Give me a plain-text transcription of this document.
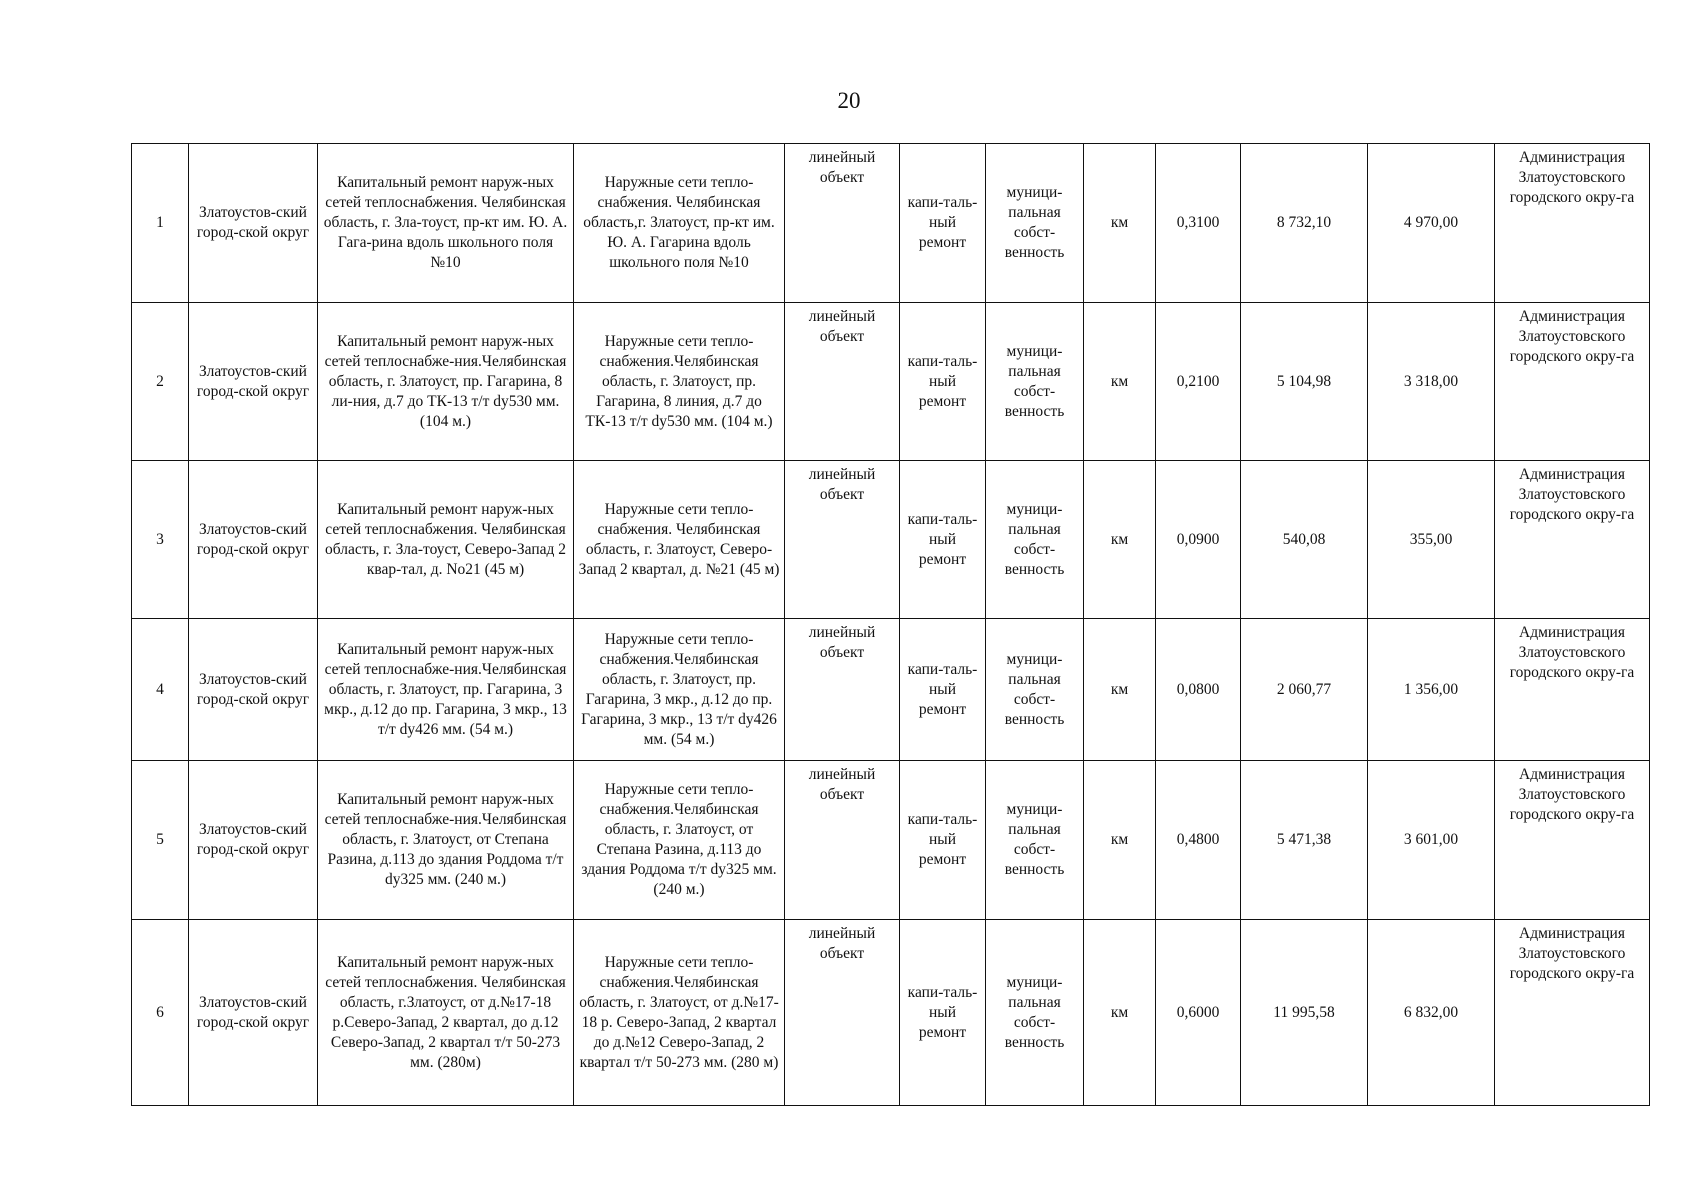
20
1	Златоустов-ский город-ской округ	Капитальный ремонт наруж-ных сетей теплоснабжения. Челябинская область, г. Зла-тоуст, пр-кт им. Ю. А. Гага-рина вдоль школьного поля №10	Наружные сети тепло-снабжения. Челябинская область,г. Златоуст, пр-кт им. Ю. А. Гагарина вдоль школьного поля №10	линейный объект	капи-таль-ный ремонт	муници-пальная собст-венность	км	0,3100	8 732,10	4 970,00	Администрация Златоустовского городского окру-га
2	Златоустов-ский город-ской округ	Капитальный ремонт наруж-ных сетей теплоснабже-ния.Челябинская область, г. Златоуст, пр. Гагарина, 8 ли-ния, д.7 до ТК-13 т/т dy530 мм. (104 м.)	Наружные сети тепло-снабжения.Челябинская область, г. Златоуст, пр. Гагарина, 8 линия, д.7 до ТК-13 т/т dy530 мм. (104 м.)	линейный объект	капи-таль-ный ремонт	муници-пальная собст-венность	км	0,2100	5 104,98	3 318,00	Администрация Златоустовского городского окру-га
3	Златоустов-ский город-ской округ	Капитальный ремонт наруж-ных сетей теплоснабжения. Челябинская область, г. Зла-тоуст, Северо-Запад 2 квар-тал, д. No21 (45 м)	Наружные сети тепло-снабжения. Челябинская область, г. Златоуст, Северо-Запад 2 квартал, д. №21 (45 м)	линейный объект	капи-таль-ный ремонт	муници-пальная собст-венность	км	0,0900	540,08	355,00	Администрация Златоустовского городского окру-га
4	Златоустов-ский город-ской округ	Капитальный ремонт наруж-ных сетей теплоснабже-ния.Челябинская область, г. Златоуст, пр. Гагарина, 3 мкр., д.12 до пр. Гагарина, 3 мкр., 13 т/т dy426 мм. (54 м.)	Наружные сети тепло-снабжения.Челябинская область, г. Златоуст, пр. Гагарина, 3 мкр., д.12 до пр. Гагарина, 3 мкр., 13 т/т dy426 мм. (54 м.)	линейный объект	капи-таль-ный ремонт	муници-пальная собст-венность	км	0,0800	2 060,77	1 356,00	Администрация Златоустовского городского окру-га
5	Златоустов-ский город-ской округ	Капитальный ремонт наруж-ных сетей теплоснабже-ния.Челябинская область, г. Златоуст, от Степана Разина, д.113 до здания Роддома т/т dy325 мм. (240 м.)	Наружные сети тепло-снабжения.Челябинская область, г. Златоуст, от Степана Разина, д.113 до здания Роддома т/т dy325 мм. (240 м.)	линейный объект	капи-таль-ный ремонт	муници-пальная собст-венность	км	0,4800	5 471,38	3 601,00	Администрация Златоустовского городского окру-га
6	Златоустов-ский город-ской округ	Капитальный ремонт наруж-ных сетей теплоснабжения. Челябинская область, г.Златоуст, от д.№17-18 р.Северо-Запад, 2 квартал, до д.12 Северо-Запад, 2 квартал т/т 50-273 мм. (280м)	Наружные сети тепло-снабжения.Челябинская область, г. Златоуст, от д.№17-18 р. Северо-Запад, 2 квартал до д.№12 Северо-Запад, 2 квартал т/т 50-273 мм. (280 м)	линейный объект	капи-таль-ный ремонт	муници-пальная собст-венность	км	0,6000	11 995,58	6 832,00	Администрация Златоустовского городского окру-га
